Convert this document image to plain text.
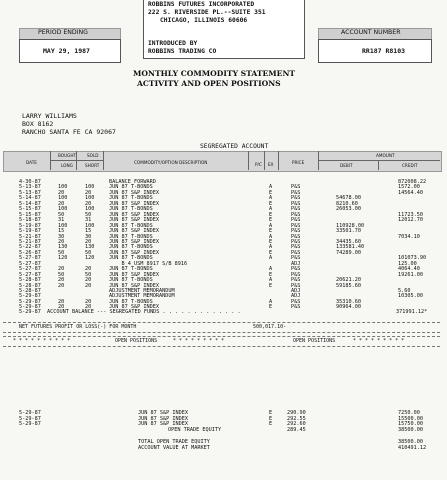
ROBBINS FUTURES INCORPORATED
222 S. RIVERSIDE PL.--SUITE 351
CHICAGO, ILLINOIS 60606
INTRODUCED BY
ROBBINS TRADING CO
PERIOD ENDING
MAY 29, 1987
ACCOUNT NUMBER
RR187 R8103
MONTHLY COMMODITY STATEMENT
ACTIVITY AND OPEN POSITIONS
LARRY WILLIAMS
BOX 8162
RANCHO SANTA FE CA 92067
SEGREGATED ACCOUNT
DATE
BOUGHT	SOLD
LONG	SHORT
COMMODITY/OPTION DESCRIPTION	P/C EX	PRICE
AMOUNT
DEBIT	CREDIT
4-30-87	BALANCE FORWARD	872008.22
5-13-87	100	100	JUN 87 T-BONDS	A	P&S	1572.00
5-13-87	20	20	JUN 87 S&P INDEX	E	P&S	14564.40
5-14-87	100	100	JUN 87 T-BONDS	A	P&S	54678.00
5-14-87	20	20	JUN 87 S&P INDEX	E	P&S	8210.60
5-15-87	100	100	JUN 87 T-BONDS	A	P&S	26053.00
5-15-87	50	50	JUN 87 S&P INDEX	E	P&S	11723.50
5-18-87	31	31	JUN 87 S&P INDEX	E	P&S	12012.70
5-19-87	100	100	JUN 87 T-BONDS	A	P&S	110928.00
5-19-87	15	15	JUN 87 S&P INDEX	E	P&S	33501.70
5-21-87	30	30	JUN 87 T-BONDS	A	P&S	7034.10
5-21-87	20	20	JUN 87 S&P INDEX	E	P&S	34435.60
5-22-87	130	130	JUN 87 T-BONDS	A	P&S	133581.40
5-26-87	50	50	JUN 87 S&P INDEX	E	P&S	74289.00
5-27-87	120	120	JUN 87 T-BONDS	A	P&S	101073.90
5-27-87	B 4 USM 8917 S/B 8916	ADJ	125.00
5-27-87	20	20	JUN 87 T-BONDS	A	P&S	4064.40
5-27-87	50	50	JUN 87 S&P INDEX	E	P&S	19261.00
5-28-87	20	20	JUN 87 T-BONDS	A	P&S	20621.20
5-28-87	20	20	JUN 87 S&P INDEX	E	P&S	59185.60
5-28-87	ADJUSTMENT MEMORANDUM	ADJ	5.60
5-29-87	ADJUSTMENT MEMORANDUM	ADJ	10305.00
5-29-87	20	20	JUN 87 T-BONDS	A	P&S	35310.60
5-29-87	20	20	JUN 87 S&P INDEX	E	P&S	90964.00
5-29-87 ACCOUNT BALANCE --- SEGREGATED FUNDS . . . . . . . . . . . . .	371991.12*
NET FUTURES PROFIT OR LOSS(-) FOR MONTH	500,017.10-
* * * * * * * * * *	OPEN POSITIONS	* * * * * * * * *	OPEN POSITIONS	* * * * * * * * *
5-29-87	JUN 87 S&P INDEX	E	290.90	7250.00
5-29-87	JUN 87 S&P INDEX	E	292.55	15500.00
5-29-87	JUN 87 S&P INDEX	E	292.60	15750.00
OPEN TRADE EQUITY	289.45	38500.00
TOTAL OPEN TRADE EQUITY	38500.00
ACCOUNT VALUE AT MARKET	410491.12
